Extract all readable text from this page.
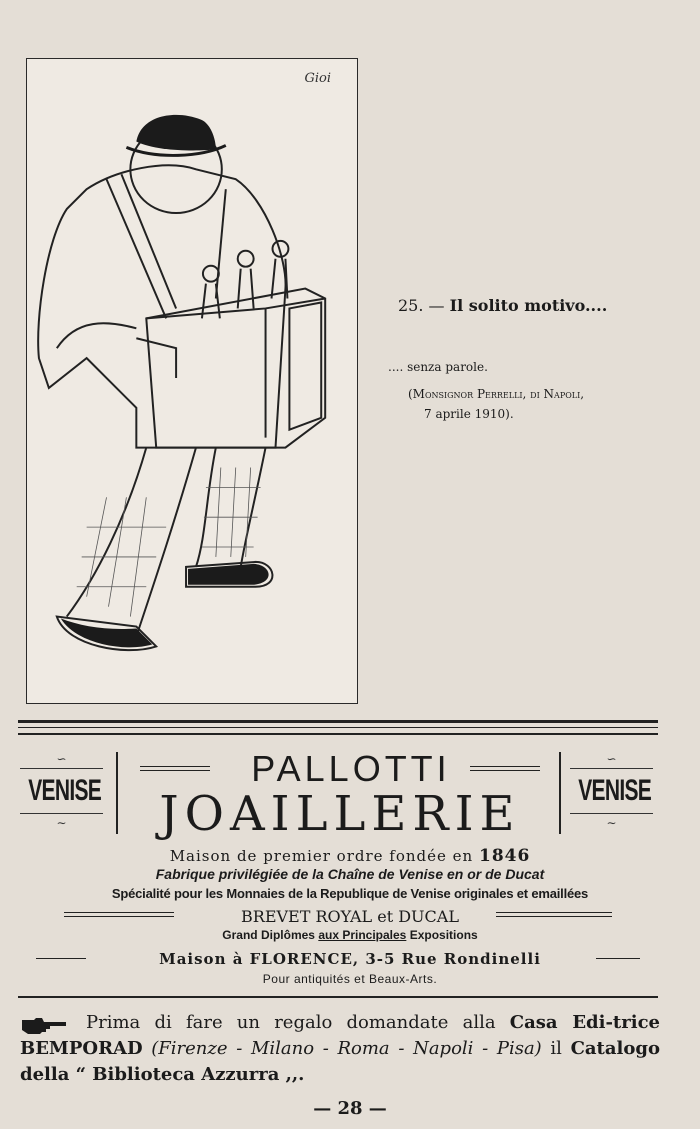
Gioi
25. — Il solito motivo....
.... senza parole.
(Monsignor Perrelli, di Napoli,
7 aprile 1910).
∽
VENISE
∼
∽
VENISE
∼
PALLOTTI
JOAILLERIE
Maison de premier ordre fondée en 1846
Fabrique privilégiée de la Chaîne de Venise en or de Ducat
Spécialité pour les Monnaies de la Republique de Venise originales et emaillées
BREVET ROYAL et DUCAL
Grand Diplômes aux Principales Expositions
Maison à FLORENCE, 3-5 Rue Rondinelli
Pour antiquités et Beaux-Arts.
Prima di fare un regalo domandate alla Casa Edi-trice BEMPORAD (Firenze - Milano - Roma - Napoli - Pisa) il Catalogo della “ Biblioteca Azzurra ,,.
— 28 —
